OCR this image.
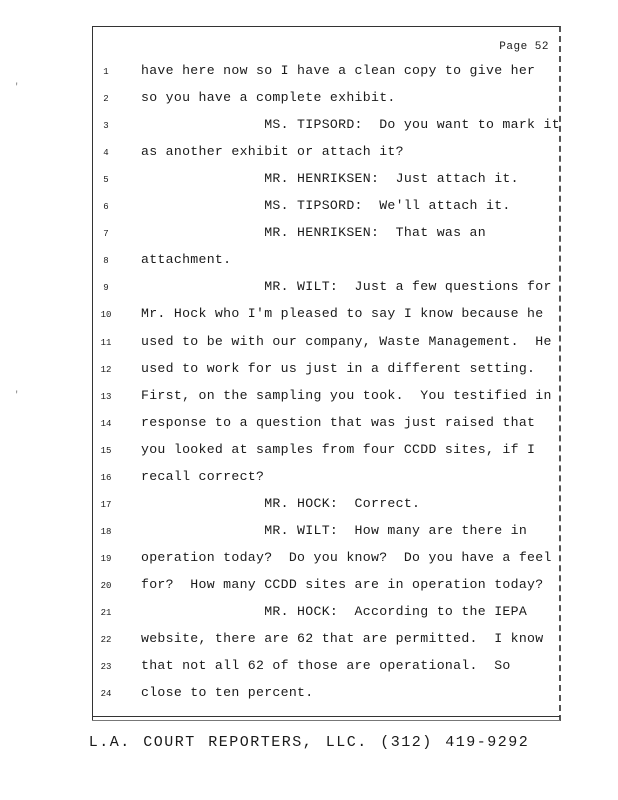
'
'
Page 52
1	have here now so I have a clean copy to give her
2	so you have a complete exhibit.
3	MS. TIPSORD:  Do you want to mark it
4	as another exhibit or attach it?
5	MR. HENRIKSEN:  Just attach it.
6	MS. TIPSORD:  We'll attach it.
7	MR. HENRIKSEN:  That was an
8	attachment.
9	MR. WILT:  Just a few questions for
10	Mr. Hock who I'm pleased to say I know because he
11	used to be with our company, Waste Management.  He
12	used to work for us just in a different setting.
13	First, on the sampling you took.  You testified in
14	response to a question that was just raised that
15	you looked at samples from four CCDD sites, if I
16	recall correct?
17	MR. HOCK:  Correct.
18	MR. WILT:  How many are there in
19	operation today?  Do you know?  Do you have a feel
20	for?  How many CCDD sites are in operation today?
21	MR. HOCK:  According to the IEPA
22	website, there are 62 that are permitted.  I know
23	that not all 62 of those are operational.  So
24	close to ten percent.
L.A. COURT REPORTERS, LLC. (312) 419-9292
